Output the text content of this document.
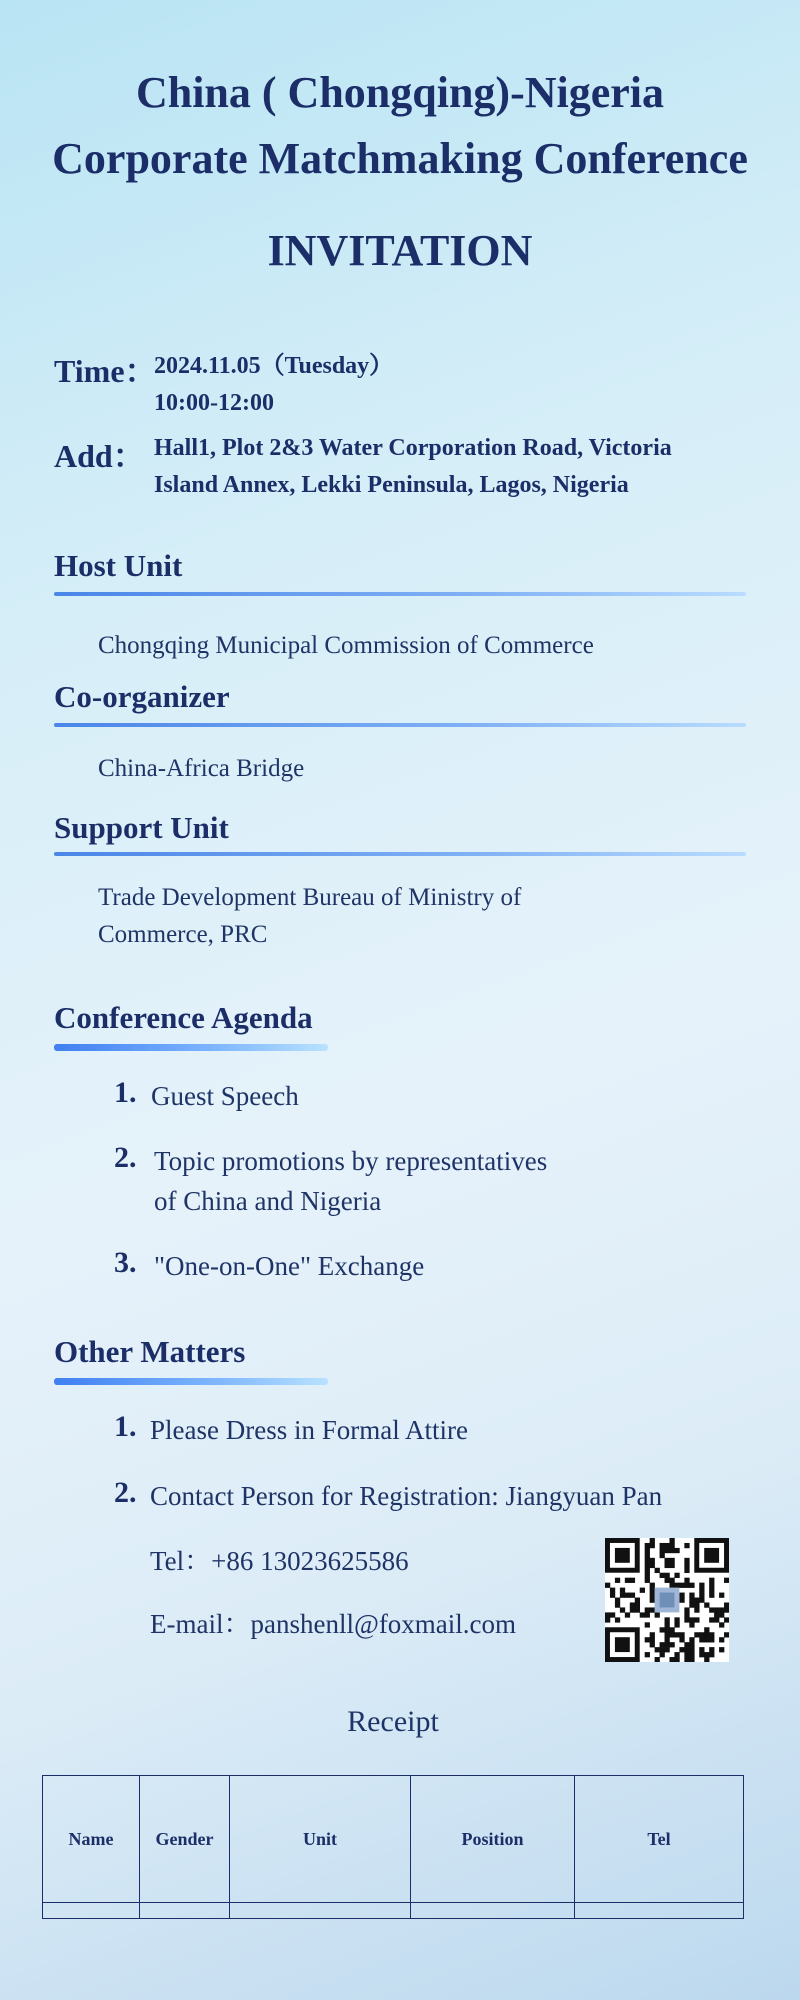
China ( Chongqing)-Nigeria
Corporate Matchmaking Conference
INVITATION
Time：
2024.11.05（Tuesday）
10:00-12:00
Add： Hall1, Plot 2&3 Water Corporation Road, Victoria
Island Annex, Lekki Peninsula, Lagos, Nigeria
Host Unit
Chongqing Municipal Commission of Commerce
Co-organizer
China-Africa Bridge
Support Unit
Trade Development Bureau of Ministry of
Commerce, PRC
Conference Agenda
1. Guest Speech
2. Topic promotions by representatives
of China and Nigeria
3. "One-on-One" Exchange
Other Matters
1. Please Dress in Formal Attire
2. Contact Person for Registration: Jiangyuan Pan
Tel：+86 13023625586
E-mail：panshenll@foxmail.com
Receipt
Name	Gender	Unit	Position	Tel
